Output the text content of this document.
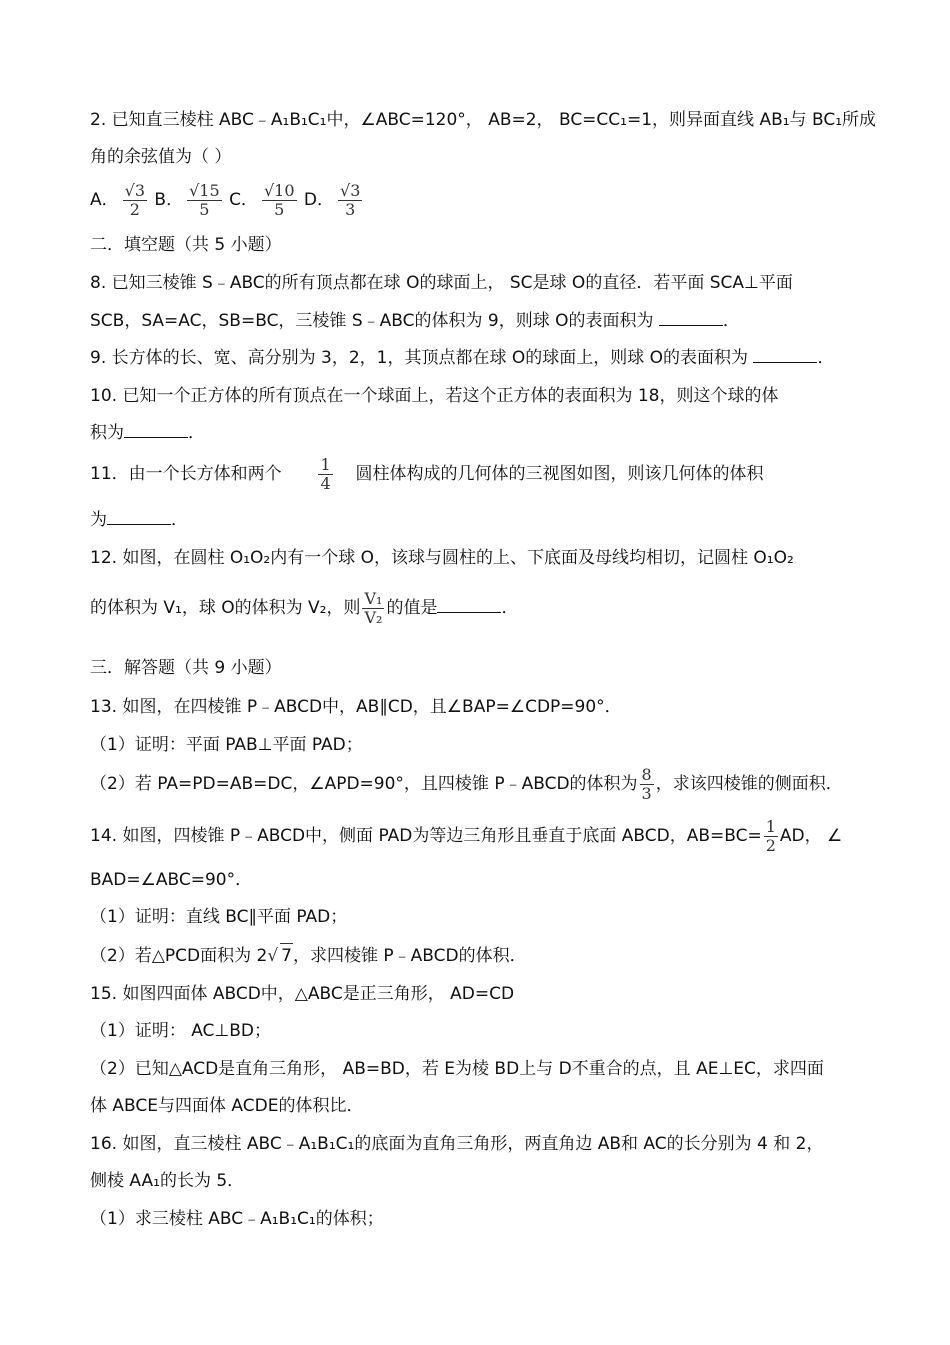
2. 已知直三棱柱 ABC﹣A₁B₁C₁中，∠ABC=120°， AB=2， BC=CC₁=1，则异面直线 AB₁与 BC₁所成
角的余弦值为（ ）
A． $\frac{√3}{2}$ B． $\frac{√15}{5}$ C． $\frac{√10}{5}$ D． $\frac{√3}{3}$
二．填空题（共 5 小题）
8. 已知三棱锥 S﹣ABC的所有顶点都在球 O的球面上， SC是球 O的直径．若平面 SCA⊥平面
SCB，SA=AC，SB=BC，三棱锥 S﹣ABC的体积为 9，则球 O的表面积为	．
9. 长方体的长、宽、高分别为 3，2，1，其顶点都在球 O的球面上，则球 O的表面积为	．
10. 已知一个正方体的所有顶点在一个球面上，若这个正方体的表面积为 18，则这个球的体
积为	．
11．由一个长方体和两个 $\frac{1}{4}$ 圆柱体构成的几何体的三视图如图，则该几何体的体积
为	．
12. 如图，在圆柱 O₁O₂内有一个球 O，该球与圆柱的上、下底面及母线均相切，记圆柱 O₁O₂
的体积为 V₁，球 O的体积为 V₂，则 $\frac{\text{V₁}}{\text{V₂}}$ 的值是	．
三．解答题（共 9 小题）
13. 如图，在四棱锥 P﹣ABCD中，AB∥CD，且∠BAP=∠CDP=90°．
（1）证明：平面 PAB⊥平面 PAD；
（2）若 PA=PD=AB=DC，∠APD=90°，且四棱锥 P﹣ABCD的体积为 $\frac{8}{3}$ ，求该四棱锥的侧面积．
14. 如图，四棱锥 P﹣ABCD中，侧面 PAD为等边三角形且垂直于底面 ABCD，$AB=BC= \frac{1}{2}$ AD， ∠
BAD=∠ABC=90°．
（1）证明：直线 BC∥平面 PAD；
（2）若△PCD面积为 2√ 7，求四棱锥 P﹣ABCD的体积．
15. 如图四面体 ABCD中，△ABC是正三角形， AD=CD
（1）证明： AC⊥BD；
（2）已知△ACD是直角三角形， AB=BD，若 E为棱 BD上与 D不重合的点，且 AE⊥EC，求四面
体 ABCE与四面体 ACDE的体积比．
16. 如图，直三棱柱 ABC﹣A₁B₁C₁的底面为直角三角形，两直角边 AB和 AC的长分别为 4 和 2，
侧棱 AA₁的长为 5．
（1）求三棱柱 ABC﹣A₁B₁C₁的体积；
